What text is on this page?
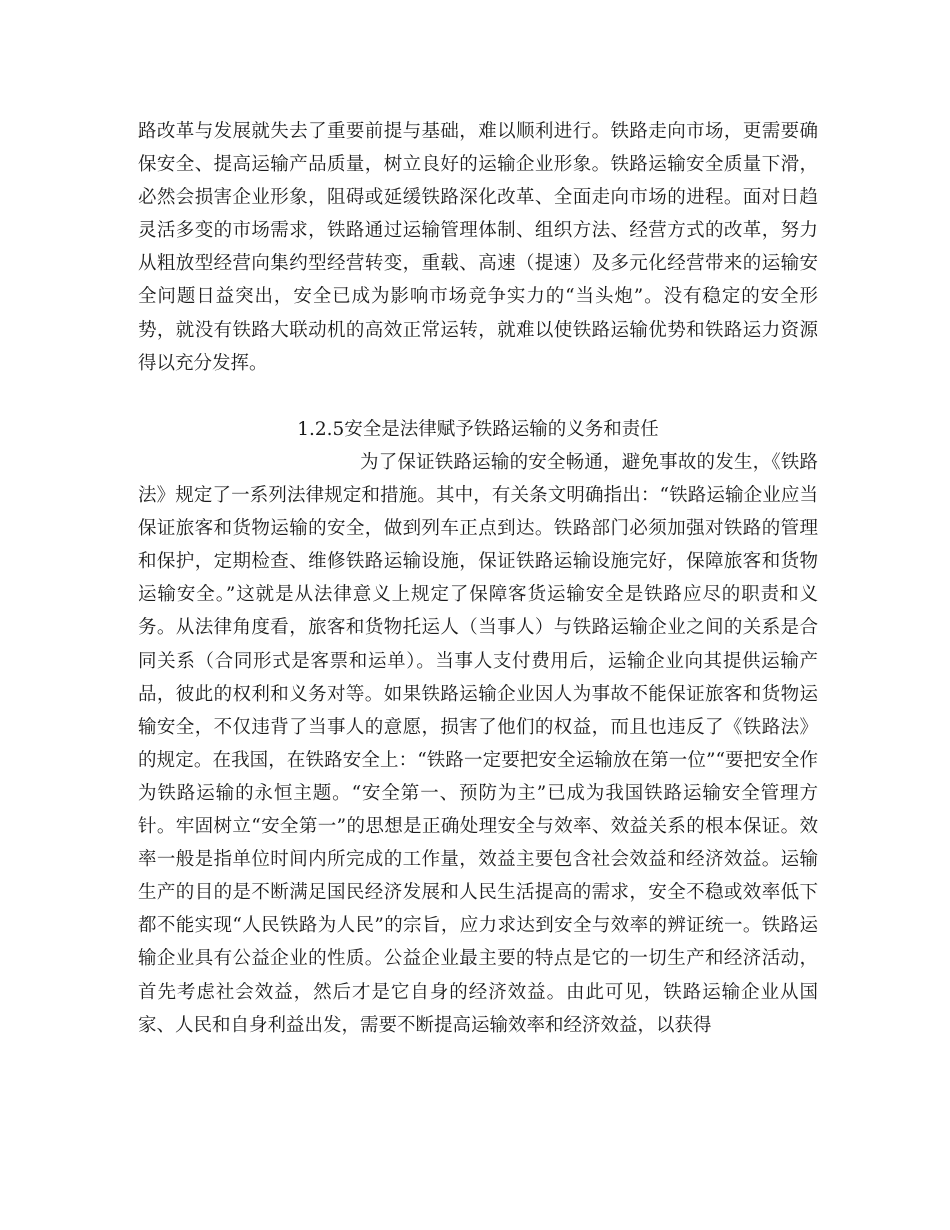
路改革与发展就失去了重要前提与基础，难以顺利进行。铁路走向市场，更需要确保安全、提高运输产品质量，树立良好的运输企业形象。铁路运输安全质量下滑，必然会损害企业形象，阻碍或延缓铁路深化改革、全面走向市场的进程。面对日趋灵活多变的市场需求，铁路通过运输管理体制、组织方法、经营方式的改革，努力从粗放型经营向集约型经营转变，重载、高速（提速）及多元化经营带来的运输安全问题日益突出，安全已成为影响市场竞争实力的“当头炮”。没有稳定的安全形势，就没有铁路大联动机的高效正常运转，就难以使铁路运输优势和铁路运力资源得以充分发挥。

1.2.5安全是法律赋予铁路运输的义务和责任

为了保证铁路运输的安全畅通，避免事故的发生，《铁路法》规定了一系列法律规定和措施。其中，有关条文明确指出：“铁路运输企业应当保证旅客和货物运输的安全，做到列车正点到达。铁路部门必须加强对铁路的管理和保护，定期检查、维修铁路运输设施，保证铁路运输设施完好，保障旅客和货物运输安全。”这就是从法律意义上规定了保障客货运输安全是铁路应尽的职责和义务。从法律角度看，旅客和货物托运人（当事人）与铁路运输企业之间的关系是合同关系（合同形式是客票和运单）。当事人支付费用后，运输企业向其提供运输产品，彼此的权利和义务对等。如果铁路运输企业因人为事故不能保证旅客和货物运输安全，不仅违背了当事人的意愿，损害了他们的权益，而且也违反了《铁路法》的规定。在我国，在铁路安全上：“铁路一定要把安全运输放在第一位”“要把安全作为铁路运输的永恒主题。“安全第一、预防为主”已成为我国铁路运输安全管理方针。牢固树立“安全第一”的思想是正确处理安全与效率、效益关系的根本保证。效率一般是指单位时间内所完成的工作量，效益主要包含社会效益和经济效益。运输生产的目的是不断满足国民经济发展和人民生活提高的需求，安全不稳或效率低下都不能实现“人民铁路为人民”的宗旨，应力求达到安全与效率的辨证统一。铁路运输企业具有公益企业的性质。公益企业最主要的特点是它的一切生产和经济活动，首先考虑社会效益，然后才是它自身的经济效益。由此可见，铁路运输企业从国家、人民和自身利益出发，需要不断提高运输效率和经济效益，以获得
